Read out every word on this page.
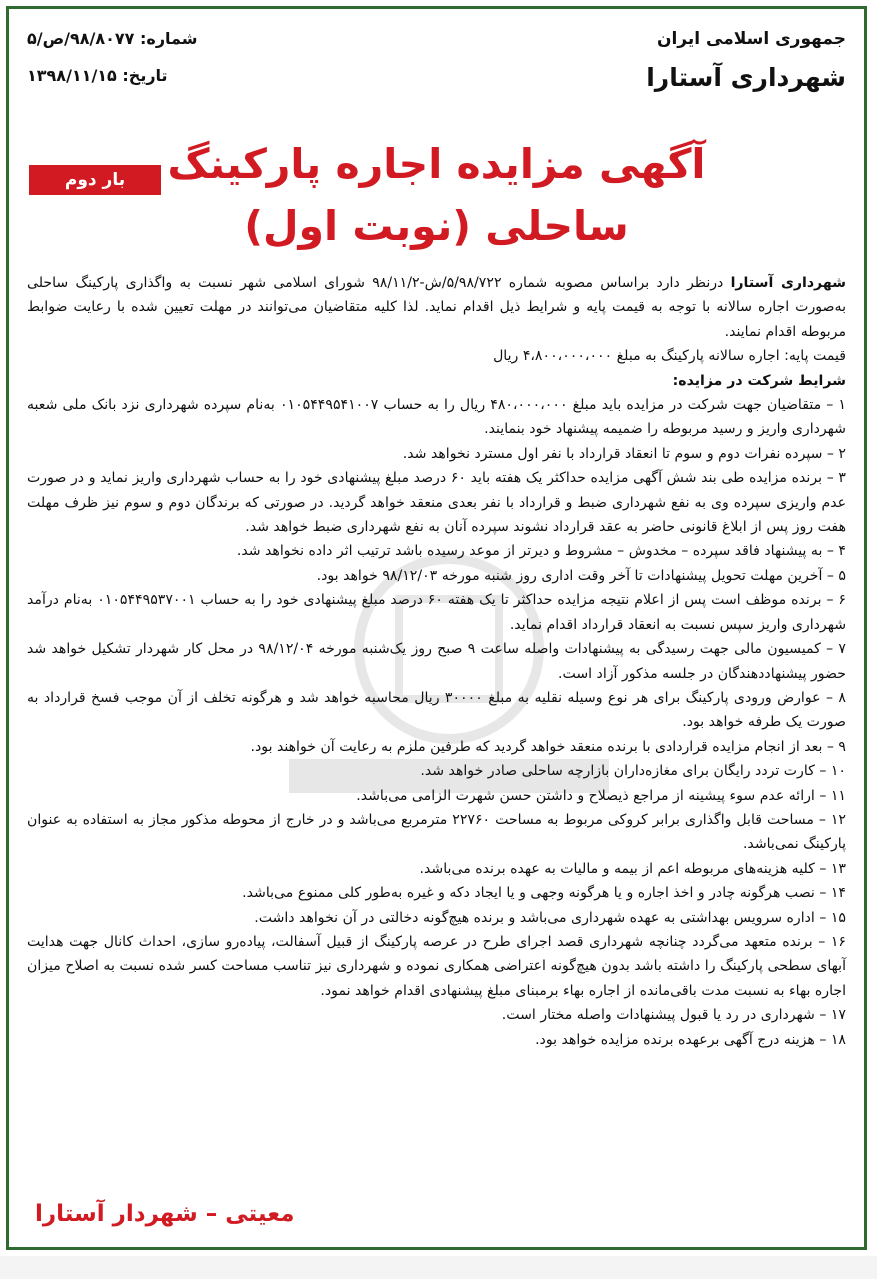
جمهوری اسلامی ایران
شهرداری آستارا
شماره: ۹۸/۸۰۷۷/ص/۵
تاریخ: ۱۳۹۸/۱۱/۱۵
آگهی مزایده اجاره پارکینگ
ساحلی (نوبت اول)
بار دوم

شهرداری آستارا درنظر دارد براساس مصوبه شماره ۵/۹۸/۷۲۲/ش-۹۸/۱۱/۲ شورای اسلامی شهر نسبت به واگذاری پارکینگ ساحلی به‌صورت اجاره سالانه با توجه به قیمت پایه و شرایط ذیل اقدام نماید. لذا کلیه متقاضیان می‌توانند در مهلت تعیین شده با رعایت ضوابط مربوطه اقدام نمایند.

قیمت پایه: اجاره سالانه پارکینگ به مبلغ ۴،۸۰۰،۰۰۰،۰۰۰ ریال

شرایط شرکت در مزایده:

۱ – متقاضیان جهت شرکت در مزایده باید مبلغ ۴۸۰،۰۰۰،۰۰۰ ریال را به حساب ۰۱۰۵۴۴۹۵۴۱۰۰۷ به‌نام سپرده شهرداری نزد بانک ملی شعبه شهرداری واریز و رسید مربوطه را ضمیمه پیشنهاد خود بنمایند.

۲ – سپرده نفرات دوم و سوم تا انعقاد قرارداد با نفر اول مسترد نخواهد شد.

۳ – برنده مزایده طی بند شش آگهی مزایده حداکثر یک هفته باید ۶۰ درصد مبلغ پیشنهادی خود را به حساب شهرداری واریز نماید و در صورت عدم واریزی سپرده وی به نفع شهرداری ضبط و قرارداد با نفر بعدی منعقد خواهد گردید. در صورتی که برندگان دوم و سوم نیز ظرف مهلت هفت روز پس از ابلاغ قانونی حاضر به عقد قرارداد نشوند سپرده آنان به نفع شهرداری ضبط خواهد شد.

۴ – به پیشنهاد فاقد سپرده – مخدوش – مشروط و دیرتر از موعد رسیده باشد ترتیب اثر داده نخواهد شد.

۵ – آخرین مهلت تحویل پیشنهادات تا آخر وقت اداری روز شنبه مورخه ۹۸/۱۲/۰۳ خواهد بود.

۶ – برنده موظف است پس از اعلام نتیجه مزایده حداکثر تا یک هفته ۶۰ درصد مبلغ پیشنهادی خود را به حساب ۰۱۰۵۴۴۹۵۳۷۰۰۱ به‌نام درآمد شهرداری واریز سپس نسبت به انعقاد قرارداد اقدام نماید.

۷ – کمیسیون مالی جهت رسیدگی به پیشنهادات واصله ساعت ۹ صبح روز یک‌شنبه مورخه ۹۸/۱۲/۰۴ در محل کار شهردار تشکیل خواهد شد حضور پیشنهاددهندگان در جلسه مذکور آزاد است.

۸ – عوارض ورودی پارکینگ برای هر نوع وسیله نقلیه به مبلغ ۳۰۰۰۰ ریال محاسبه خواهد شد و هرگونه تخلف از آن موجب فسخ قرارداد به صورت یک طرفه خواهد بود.

۹ – بعد از انجام مزایده قراردادی با برنده منعقد خواهد گردید که طرفین ملزم به رعایت آن خواهند بود.

۱۰ – کارت تردد رایگان برای مغازه‌داران بازارچه ساحلی صادر خواهد شد.

۱۱ – ارائه عدم سوء پیشینه از مراجع ذیصلاح و داشتن حسن شهرت الزامی می‌باشد.

۱۲ – مساحت قابل واگذاری برابر کروکی مربوط به مساحت ۲۲۷۶۰ مترمربع می‌باشد و در خارج از محوطه مذکور مجاز به استفاده به عنوان پارکینگ نمی‌باشد.

۱۳ – کلیه هزینه‌های مربوطه اعم از بیمه و مالیات به عهده برنده می‌باشد.

۱۴ – نصب هرگونه چادر و اخذ اجاره و یا هرگونه وجهی و یا ایجاد دکه و غیره به‌طور کلی ممنوع می‌باشد.

۱۵ – اداره سرویس بهداشتی به عهده شهرداری می‌باشد و برنده هیچ‌گونه دخالتی در آن نخواهد داشت.

۱۶ – برنده متعهد می‌گردد چنانچه شهرداری قصد اجرای طرح در عرصه پارکینگ از قبیل آسفالت، پیاده‌رو سازی، احداث کانال جهت هدایت آبهای سطحی پارکینگ را داشته باشد بدون هیچ‌گونه اعتراضی همکاری نموده و شهرداری نیز تناسب مساحت کسر شده نسبت به اصلاح میزان اجاره بهاء به نسبت مدت باقی‌مانده از اجاره بهاء برمبنای مبلغ پیشنهادی اقدام خواهد نمود.

۱۷ – شهرداری در رد یا قبول پیشنهادات واصله مختار است.

۱۸ – هزینه درج آگهی برعهده برنده مزایده خواهد بود.

معیتی – شهردار آستارا
